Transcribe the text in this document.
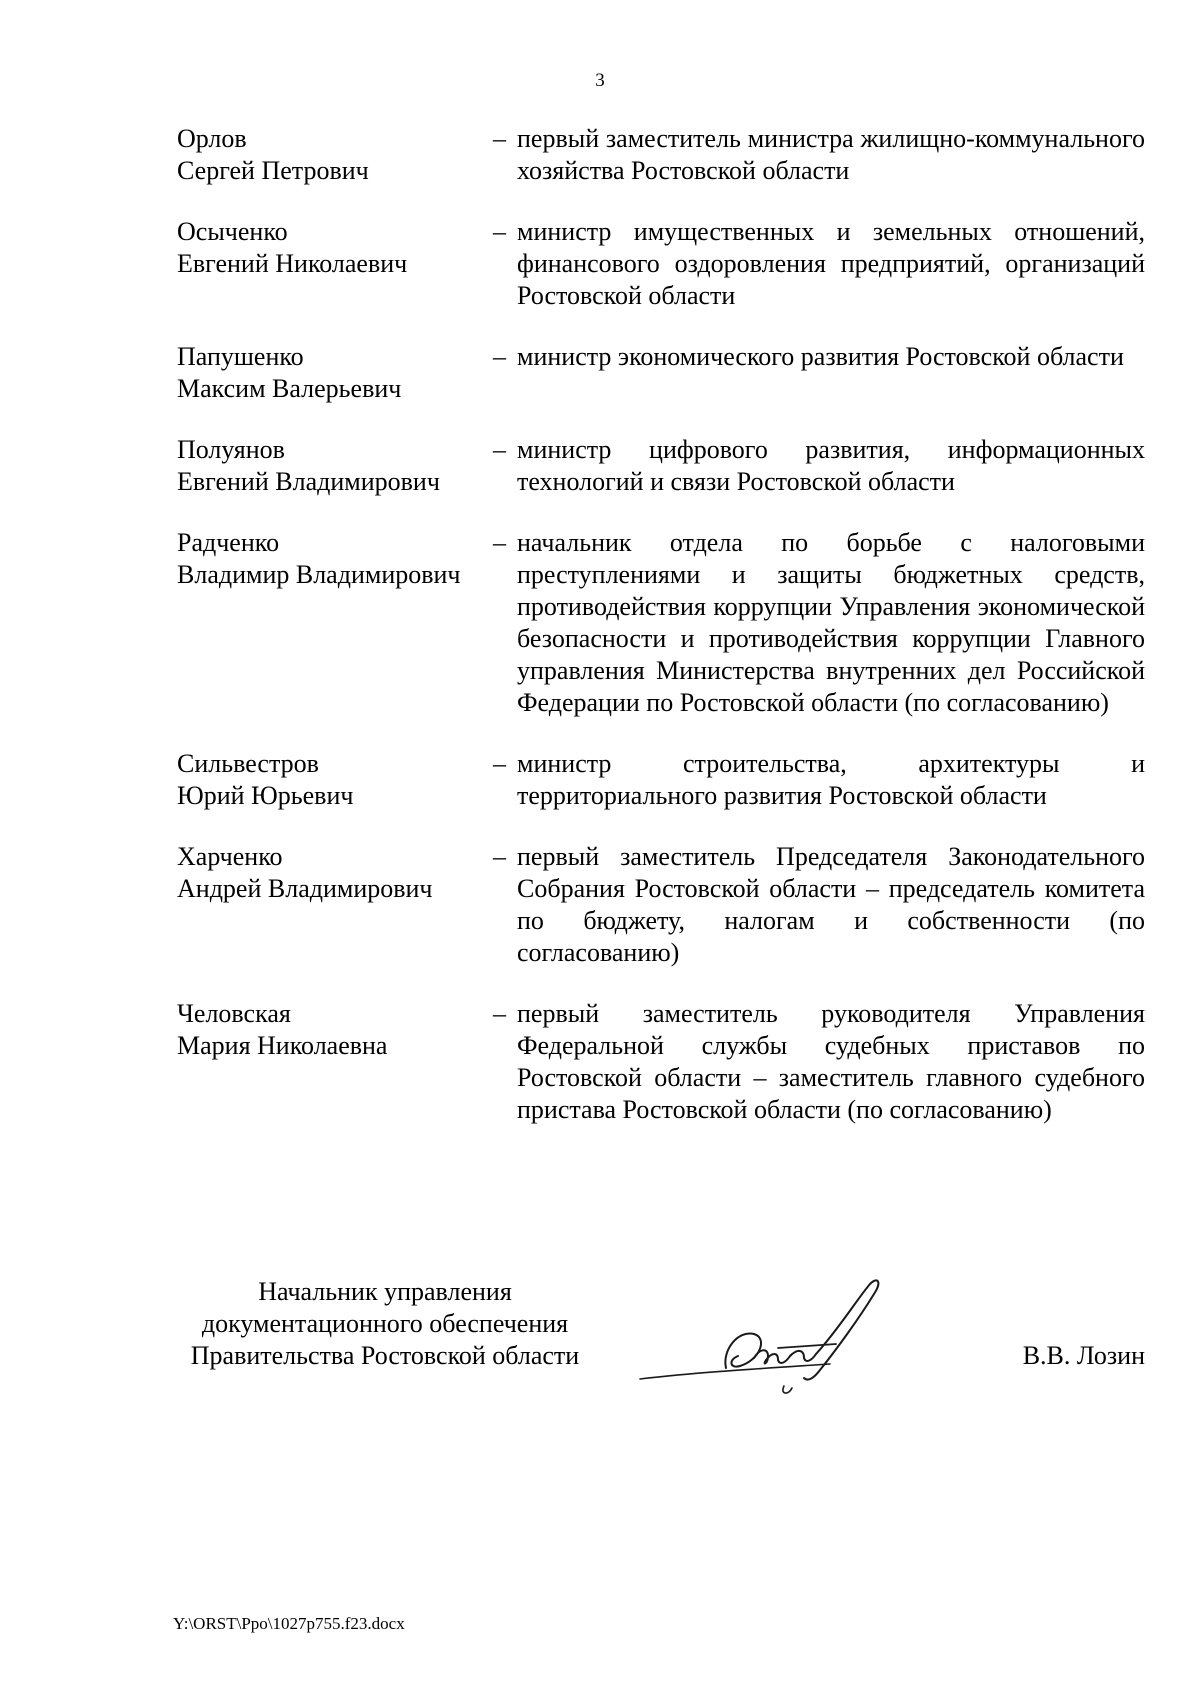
3
Орлов
Сергей Петрович
– первый заместитель министра жилищно-коммунального хозяйства Ростовской области
Осыченко
Евгений Николаевич
– министр имущественных и земельных отношений, финансового оздоровления предприятий, организаций Ростовской области
Папушенко
Максим Валерьевич
– министр экономического развития Ростовской области
Полуянов
Евгений Владимирович
– министр цифрового развития, информационных технологий и связи Ростовской области
Радченко
Владимир Владимирович
– начальник отдела по борьбе с налоговыми преступлениями и защиты бюджетных средств, противодействия коррупции Управления экономической безопасности и противодействия коррупции Главного управления Министерства внутренних дел Российской Федерации по Ростовской области (по согласованию)
Сильвестров
Юрий Юрьевич
– министр строительства, архитектуры и территориального развития Ростовской области
Харченко
Андрей Владимирович
– первый заместитель Председателя Законодательного Собрания Ростовской области – председатель комитета по бюджету, налогам и собственности (по согласованию)
Человская
Мария Николаевна
– первый заместитель руководителя Управления Федеральной службы судебных приставов по Ростовской области – заместитель главного судебного пристава Ростовской области (по согласованию)
Начальник управления
документационного обеспечения
Правительства Ростовской области	В.В. Лозин
Y:\ORST\Ppo\1027p755.f23.docx
